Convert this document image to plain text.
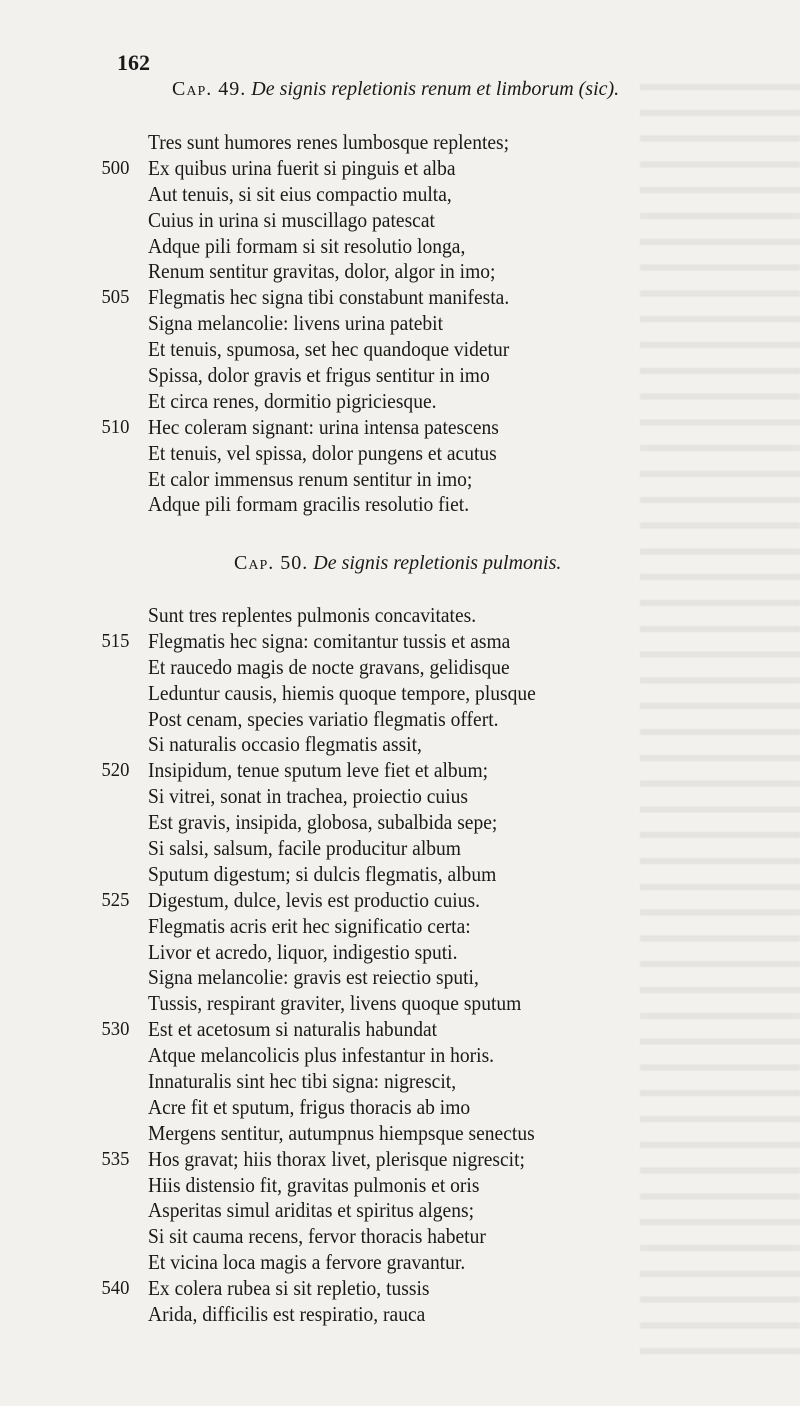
162
Cap. 49. De signis repletionis renum et limborum (sic).
Tres sunt humores renes lumbosque replentes;
500 Ex quibus urina fuerit si pinguis et alba
Aut tenuis, si sit eius compactio multa,
Cuius in urina si muscillago patescat
Adque pili formam si sit resolutio longa,
Renum sentitur gravitas, dolor, algor in imo;
505 Flegmatis hec signa tibi constabunt manifesta.
Signa melancolie: livens urina patebit
Et tenuis, spumosa, set hec quandoque videtur
Spissa, dolor gravis et frigus sentitur in imo
Et circa renes, dormitio pigriciesque.
510 Hec coleram signant: urina intensa patescens
Et tenuis, vel spissa, dolor pungens et acutus
Et calor immensus renum sentitur in imo;
Adque pili formam gracilis resolutio fiet.
Cap. 50. De signis repletionis pulmonis.
Sunt tres replentes pulmonis concavitates.
515 Flegmatis hec signa: comitantur tussis et asma
Et raucedo magis de nocte gravans, gelidisque
Leduntur causis, hiemis quoque tempore, plusque
Post cenam, species variatio flegmatis offert.
Si naturalis occasio flegmatis assit,
520 Insipidum, tenue sputum leve fiet et album;
Si vitrei, sonat in trachea, proiectio cuius
Est gravis, insipida, globosa, subalbida sepe;
Si salsi, salsum, facile producitur album
Sputum digestum; si dulcis flegmatis, album
525 Digestum, dulce, levis est productio cuius.
Flegmatis acris erit hec significatio certa:
Livor et acredo, liquor, indigestio sputi.
Signa melancolie: gravis est reiectio sputi,
Tussis, respirant graviter, livens quoque sputum
530 Est et acetosum si naturalis habundat
Atque melancolicis plus infestantur in horis.
Innaturalis sint hec tibi signa: nigrescit,
Acre fit et sputum, frigus thoracis ab imo
Mergens sentitur, autumpnus hiempsque senectus
535 Hos gravat; hiis thorax livet, plerisque nigrescit;
Hiis distensio fit, gravitas pulmonis et oris
Asperitas simul ariditas et spiritus algens;
Si sit cauma recens, fervor thoracis habetur
Et vicina loca magis a fervore gravantur.
540 Ex colera rubea si sit repletio, tussis
Arida, difficilis est respiratio, rauca
